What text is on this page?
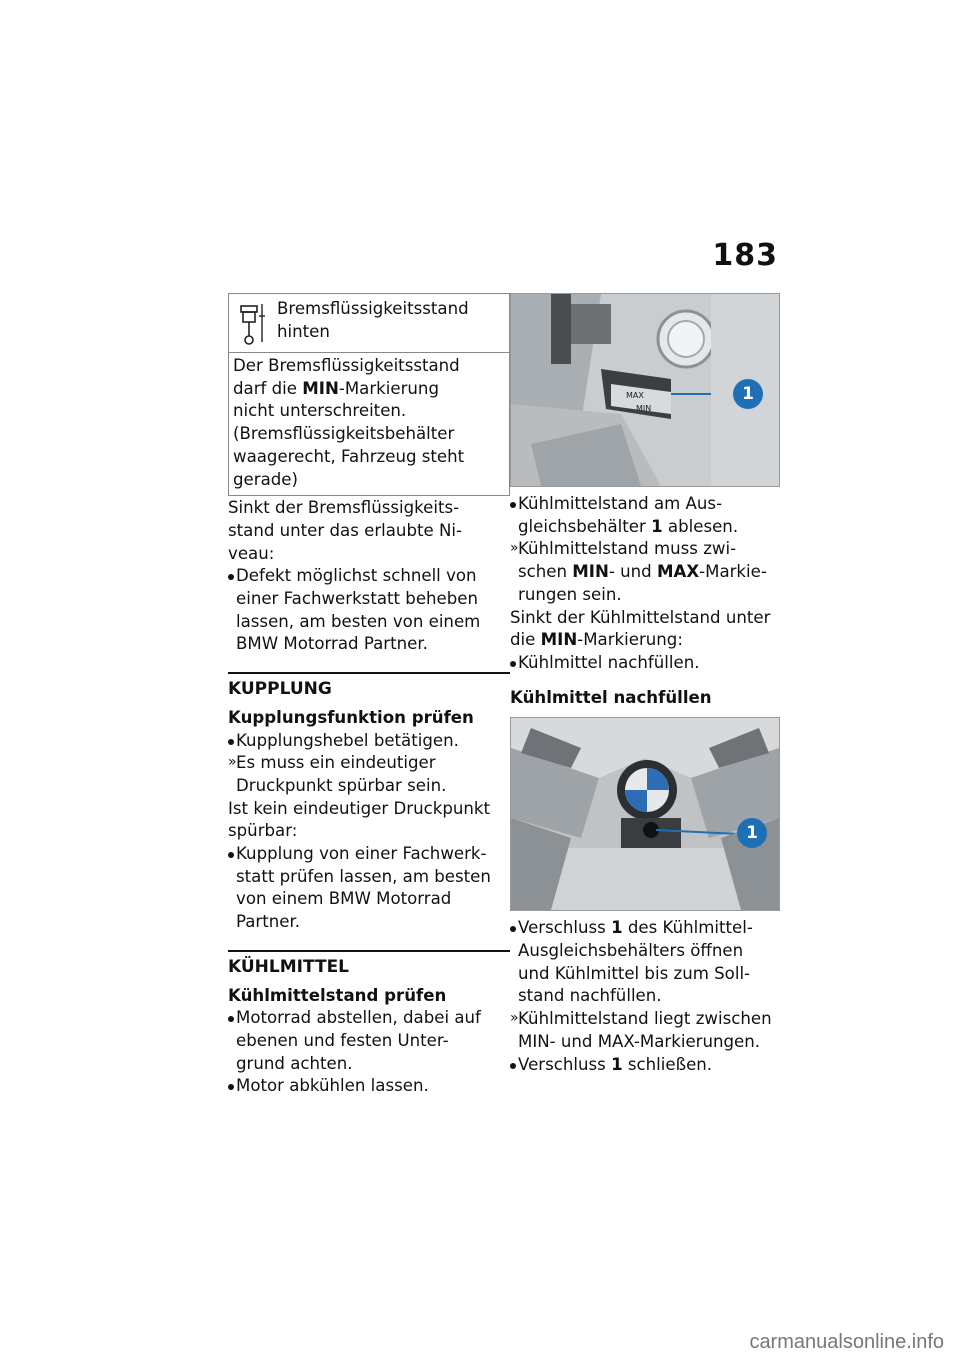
183
Bremsflüssigkeitsstand
hinten
Der Bremsflüssigkeitsstand
darf die MIN-Markierung
nicht unterschreiten.
(Bremsflüssigkeitsbehälter
waagerecht, Fahrzeug steht
gerade)

Sinkt der Bremsflüssigkeits-
stand unter das erlaubte Ni-
veau:

Defekt möglichst schnell von
einer Fachwerkstatt beheben
lassen, am besten von einem
BMW Motorrad Partner.
KUPPLUNG
Kupplungsfunktion prüfen
Kupplungshebel betätigen.
» Es muss ein eindeutiger
Druckpunkt spürbar sein.

Ist kein eindeutiger Druckpunkt
spürbar:

Kupplung von einer Fachwerk-
statt prüfen lassen, am besten
von einem BMW Motorrad
Partner.
KÜHLMITTEL
Kühlmittelstand prüfen
Motorrad abstellen, dabei auf
ebenen und festen Unter-
grund achten.
Motor abkühlen lassen.
MAX
MIN
1
Kühlmittelstand am Aus-
gleichsbehälter 1 ablesen.
» Kühlmittelstand muss zwi-
schen MIN- und MAX-Markie-
rungen sein.

Sinkt der Kühlmittelstand unter
die MIN-Markierung:

Kühlmittel nachfüllen.
Kühlmittel nachfüllen
1
Verschluss 1 des Kühlmittel-
Ausgleichsbehälters öffnen
und Kühlmittel bis zum Soll-
stand nachfüllen.
» Kühlmittelstand liegt zwischen
MIN- und MAX-Markierungen.
Verschluss 1 schließen.
carmanualsonline.info
